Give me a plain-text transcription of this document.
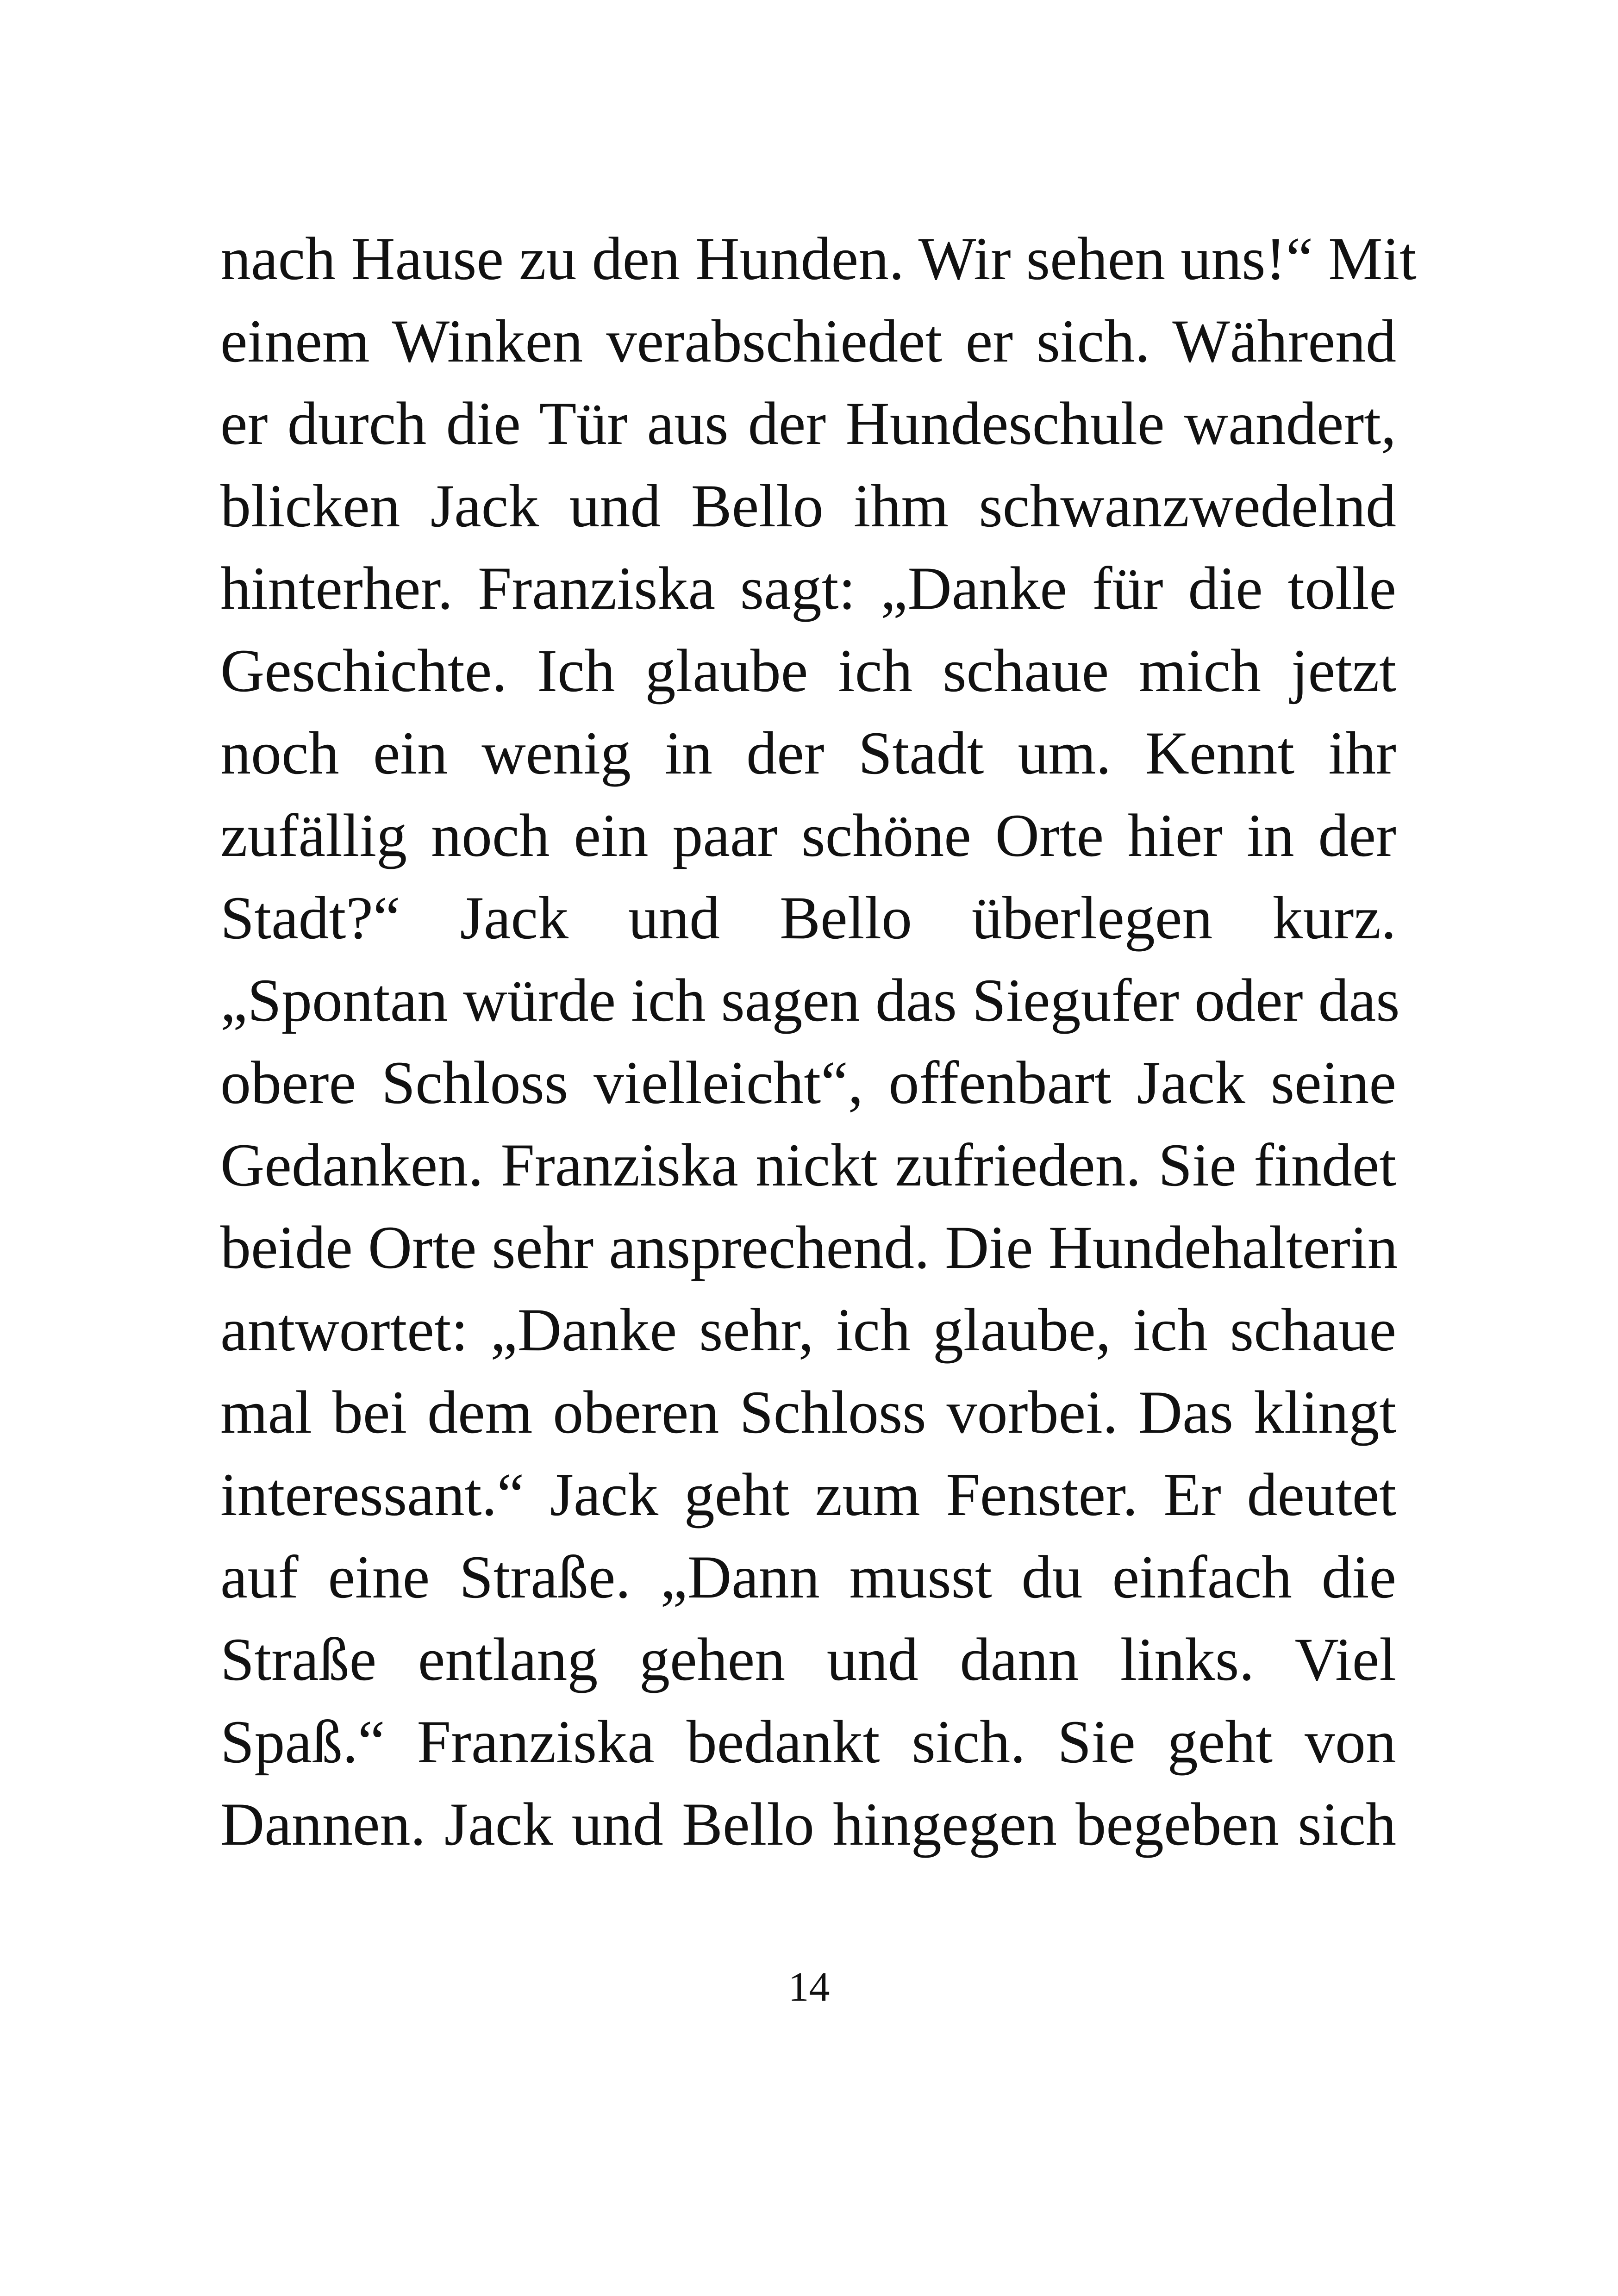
nach Hause zu den Hunden. Wir sehen uns!“ Mit
einem Winken verabschiedet er sich. Während
er durch die Tür aus der Hundeschule wandert,
blicken Jack und Bello ihm schwanzwedelnd
hinterher. Franziska sagt: „Danke für die tolle
Geschichte. Ich glaube ich schaue mich jetzt
noch ein wenig in der Stadt um. Kennt ihr
zufällig noch ein paar schöne Orte hier in der
Stadt?“ Jack und Bello überlegen kurz.
„Spontan würde ich sagen das Siegufer oder das
obere Schloss vielleicht“, offenbart Jack seine
Gedanken. Franziska nickt zufrieden. Sie findet
beide Orte sehr ansprechend. Die Hundehalterin
antwortet: „Danke sehr, ich glaube, ich schaue
mal bei dem oberen Schloss vorbei. Das klingt
interessant.“ Jack geht zum Fenster. Er deutet
auf eine Straße. „Dann musst du einfach die
Straße entlang gehen und dann links. Viel
Spaß.“ Franziska bedankt sich. Sie geht von
Dannen. Jack und Bello hingegen begeben sich
14
